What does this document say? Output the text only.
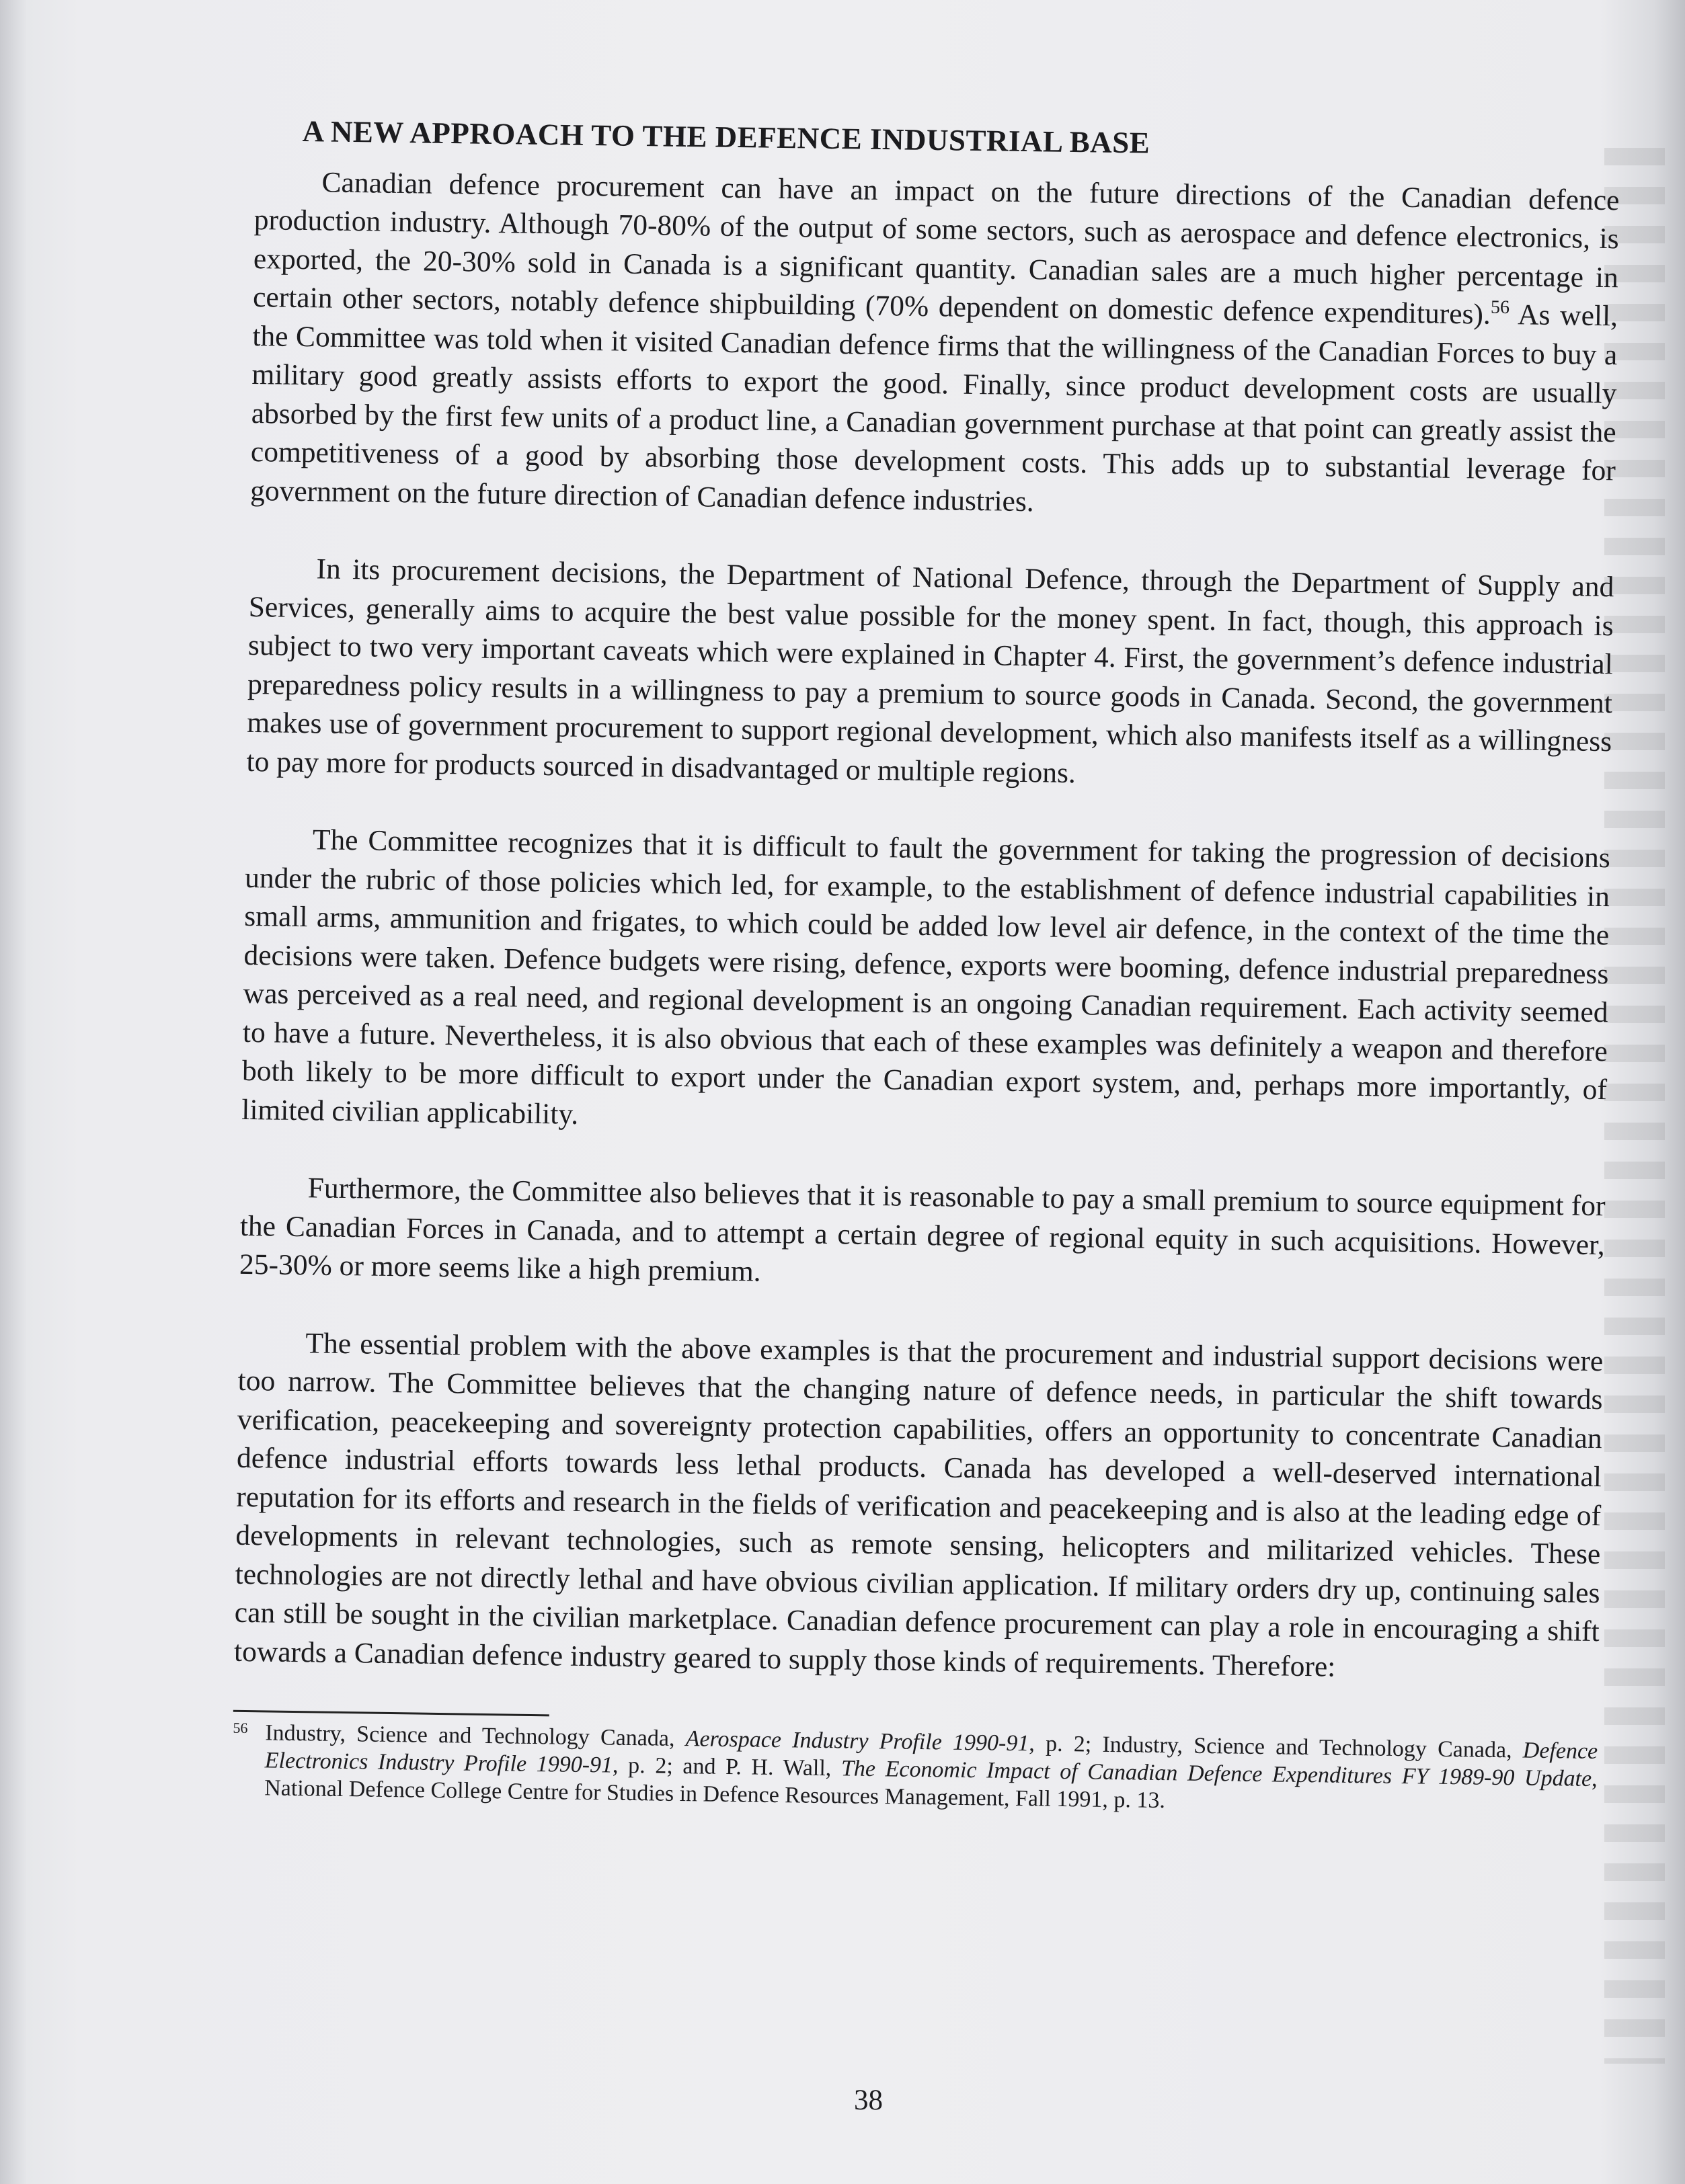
A NEW APPROACH TO THE DEFENCE INDUSTRIAL BASE

Canadian defence procurement can have an impact on the future directions of the Canadian defence production industry. Although 70-80% of the output of some sectors, such as aerospace and defence electronics, is exported, the 20-30% sold in Canada is a significant quantity. Canadian sales are a much higher percentage in certain other sectors, notably defence shipbuilding (70% dependent on domestic defence expenditures).$^{56}$ As well, the Committee was told when it visited Canadian defence firms that the willingness of the Canadian Forces to buy a military good greatly assists efforts to export the good. Finally, since product development costs are usually absorbed by the first few units of a product line, a Canadian government purchase at that point can greatly assist the competitiveness of a good by absorbing those development costs. This adds up to substantial leverage for government on the future direction of Canadian defence industries.

In its procurement decisions, the Department of National Defence, through the Department of Supply and Services, generally aims to acquire the best value possible for the money spent. In fact, though, this approach is subject to two very important caveats which were explained in Chapter 4. First, the government’s defence industrial preparedness policy results in a willingness to pay a premium to source goods in Canada. Second, the government makes use of government procurement to support regional development, which also manifests itself as a willingness to pay more for products sourced in disadvantaged or multiple regions.

The Committee recognizes that it is difficult to fault the government for taking the progression of decisions under the rubric of those policies which led, for example, to the establishment of defence industrial capabilities in small arms, ammunition and frigates, to which could be added low level air defence, in the context of the time the decisions were taken. Defence budgets were rising, defence, exports were booming, defence industrial preparedness was perceived as a real need, and regional development is an ongoing Canadian requirement. Each activity seemed to have a future. Nevertheless, it is also obvious that each of these examples was definitely a weapon and therefore both likely to be more difficult to export under the Canadian export system, and, perhaps more importantly, of limited civilian applicability.

Furthermore, the Committee also believes that it is reasonable to pay a small premium to source equipment for the Canadian Forces in Canada, and to attempt a certain degree of regional equity in such acquisitions. However, 25-30% or more seems like a high premium.

The essential problem with the above examples is that the procurement and industrial support decisions were too narrow. The Committee believes that the changing nature of defence needs, in particular the shift towards verification, peacekeeping and sovereignty protection capabilities, offers an opportunity to concentrate Canadian defence industrial efforts towards less lethal products. Canada has developed a well-deserved international reputation for its efforts and research in the fields of verification and peacekeeping and is also at the leading edge of developments in relevant technologies, such as remote sensing, helicopters and militarized vehicles. These technologies are not directly lethal and have obvious civilian application. If military orders dry up, continuing sales can still be sought in the civilian marketplace. Canadian defence procurement can play a role in encouraging a shift towards a Canadian defence industry geared to supply those kinds of requirements. Therefore:

56 Industry, Science and Technology Canada, Aerospace Industry Profile 1990-91, p. 2; Industry, Science and Technology Canada, Defence Electronics Industry Profile 1990-91, p. 2; and P. H. Wall, The Economic Impact of Canadian Defence Expenditures FY 1989-90 Update, National Defence College Centre for Studies in Defence Resources Management, Fall 1991, p. 13.
38
